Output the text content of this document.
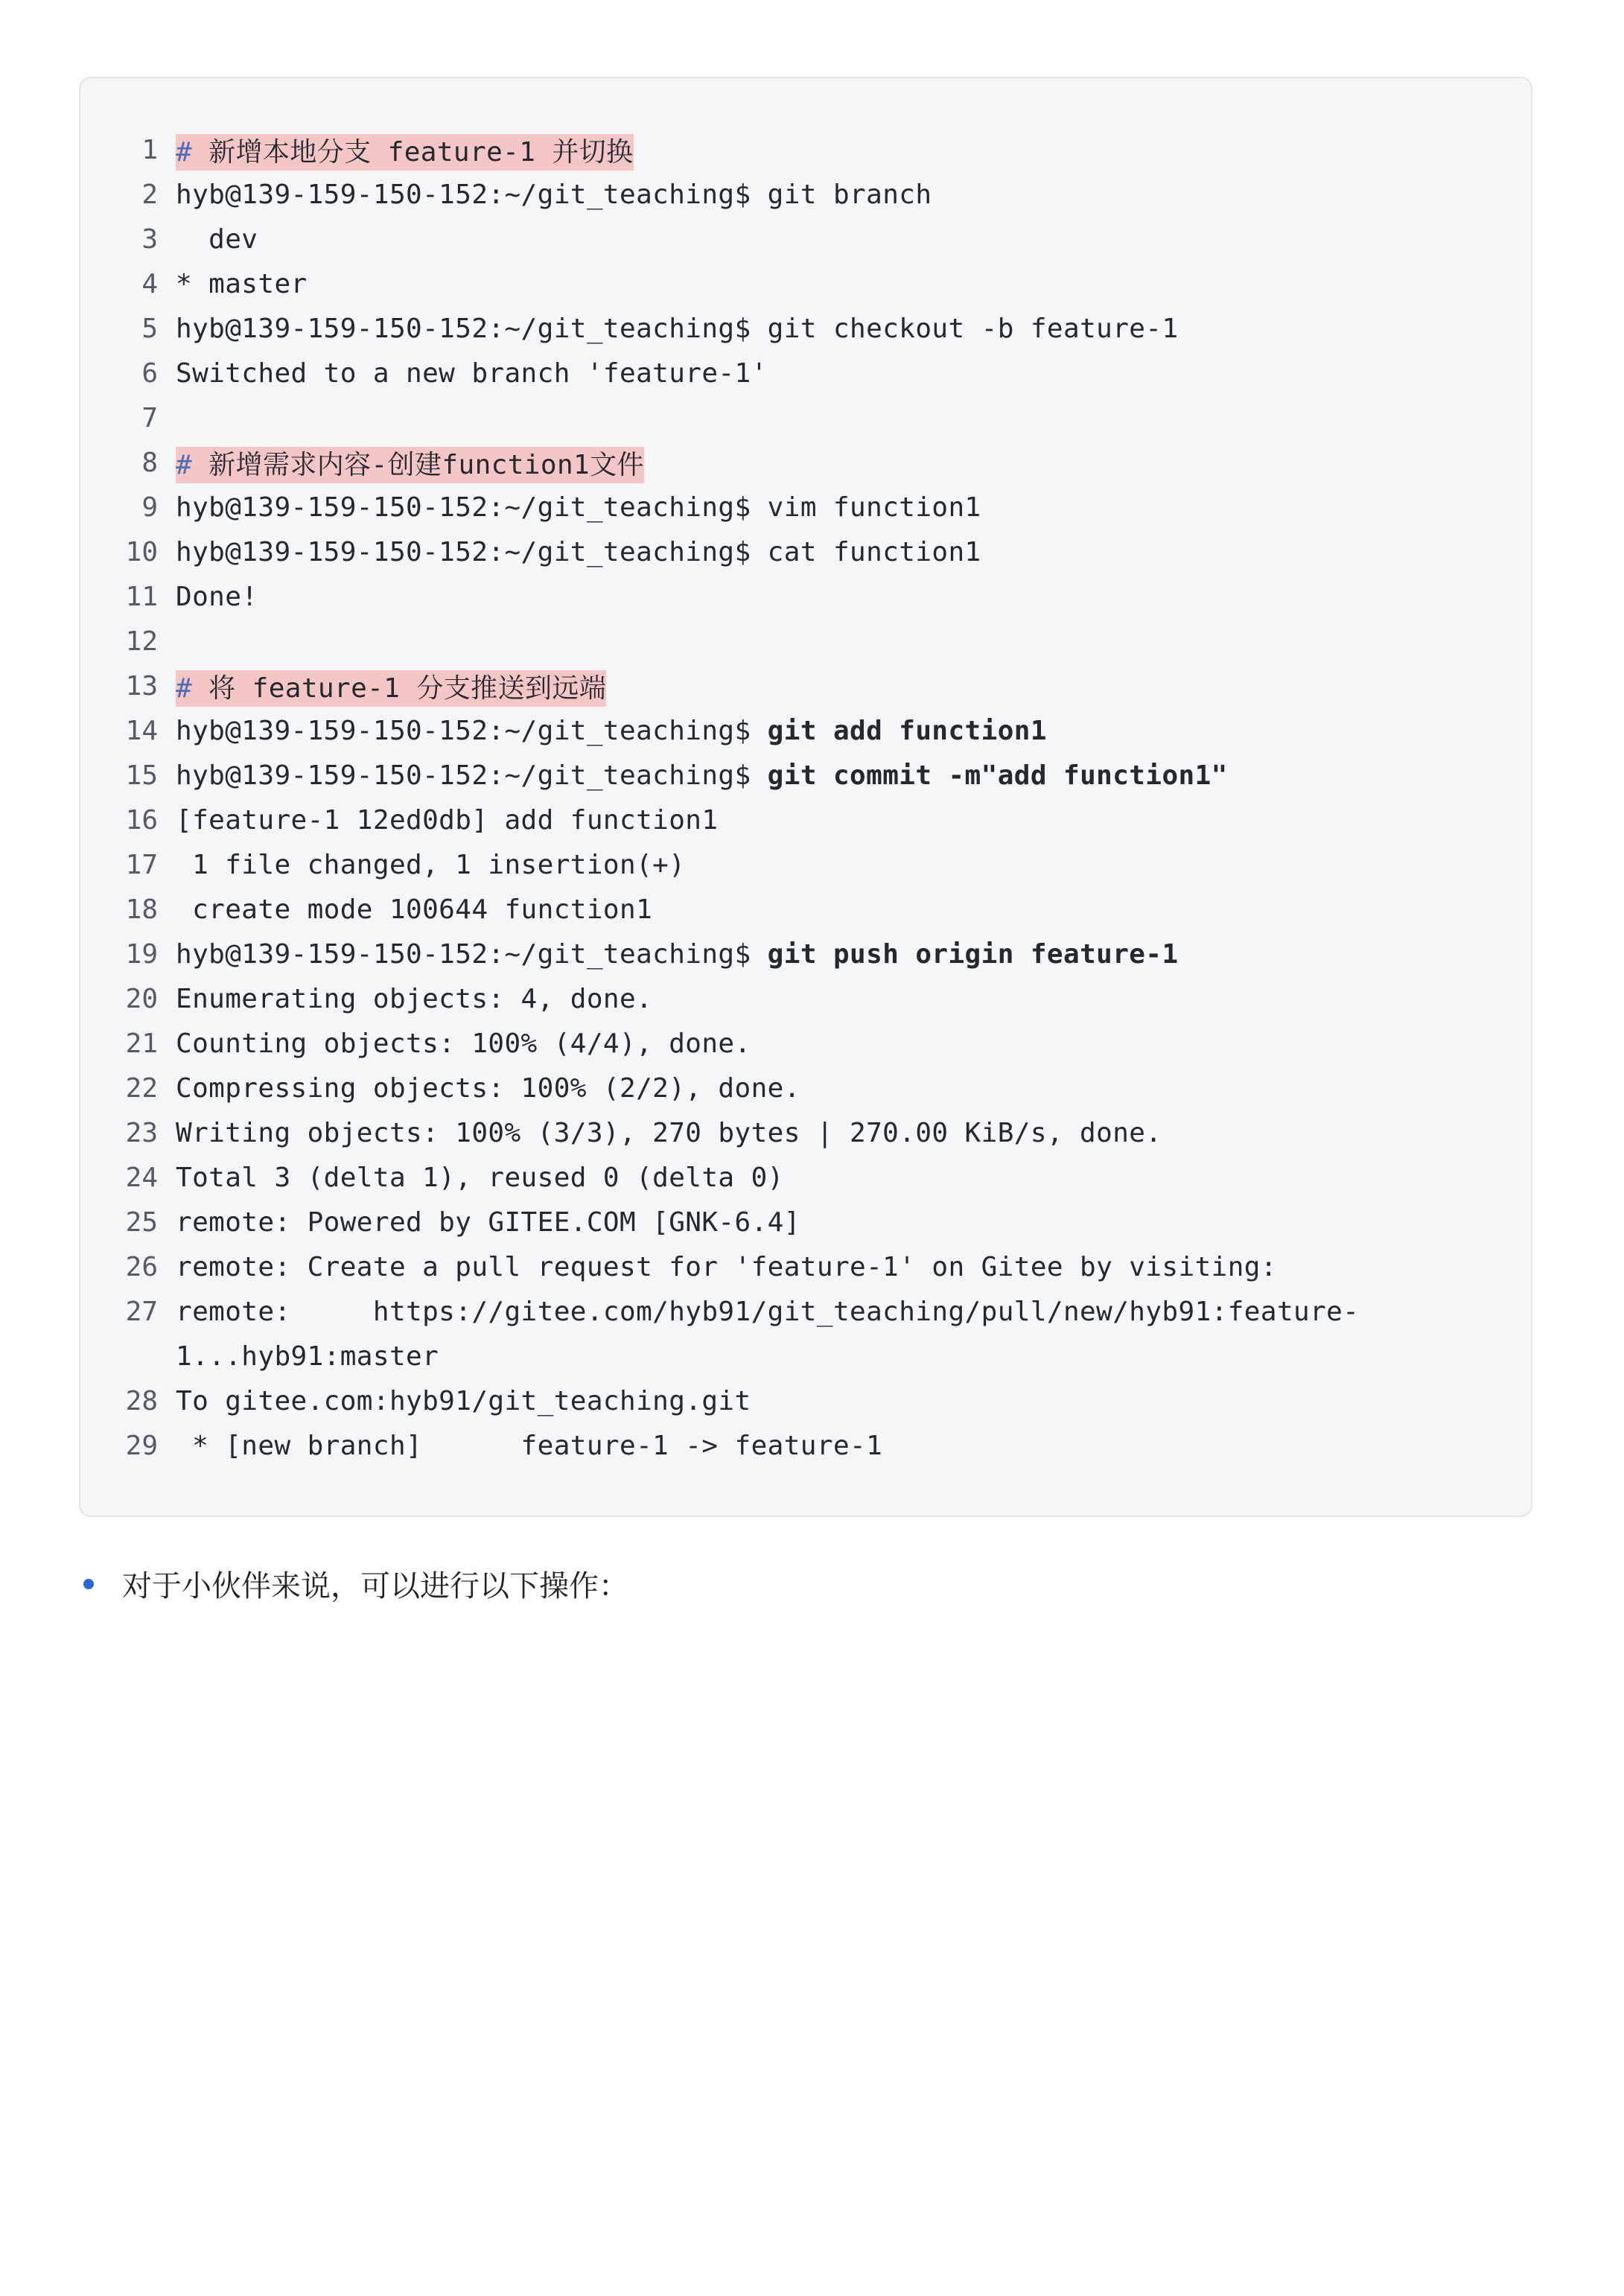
1 # 新增本地分支 feature-1 并切换
2 hyb@139-159-150-152:~/git_teaching$ git branch
3 dev
4 * master
5 hyb@139-159-150-152:~/git_teaching$ git checkout -b feature-1
6 Switched to a new branch 'feature-1'
7
8 # 新增需求内容-创建function1文件
9 hyb@139-159-150-152:~/git_teaching$ vim function1
10 hyb@139-159-150-152:~/git_teaching$ cat function1
11 Done!
12
13 # 将 feature-1 分支推送到远端
14 hyb@139-159-150-152:~/git_teaching$ git add function1
15 hyb@139-159-150-152:~/git_teaching$ git commit -m"add function1"
16 [feature-1 12ed0db] add function1
17 1 file changed, 1 insertion(+)
18 create mode 100644 function1
19 hyb@139-159-150-152:~/git_teaching$ git push origin feature-1
20 Enumerating objects: 4, done.
21 Counting objects: 100% (4/4), done.
22 Compressing objects: 100% (2/2), done.
23 Writing objects: 100% (3/3), 270 bytes | 270.00 KiB/s, done.
24 Total 3 (delta 1), reused 0 (delta 0)
25 remote: Powered by GITEE.COM [GNK-6.4]
26 remote: Create a pull request for 'feature-1' on Gitee by visiting:
27 remote:     https://gitee.com/hyb91/git_teaching/pull/new/hyb91:feature-
1...hyb91:master
28 To gitee.com:hyb91/git_teaching.git
29 * [new branch]      feature-1 -> feature-1
对于小伙伴来说，可以进行以下操作：
